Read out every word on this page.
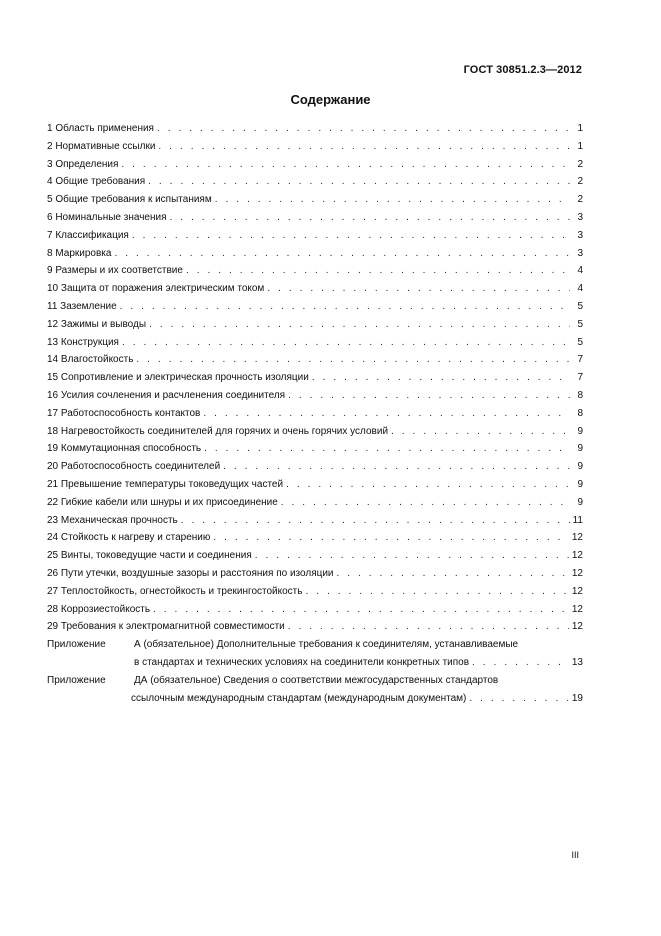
ГОСТ 30851.2.3—2012
Содержание
1 Область применения . . .	1
2 Нормативные ссылки . . .	1
3 Определения . . .	2
4 Общие требования . . .	2
5 Общие требования к испытаниям . . .	2
6 Номинальные значения . . .	3
7 Классификация . . .	3
8 Маркировка . . .	3
9 Размеры и их соответствие . . .	4
10 Защита от поражения электрическим током . . .	4
11 Заземление . . .	5
12 Зажимы и выводы . . .	5
13 Конструкция . . .	5
14 Влагостойкость . . .	7
15 Сопротивление и электрическая прочность изоляции . . .	7
16 Усилия сочленения и расчленения соединителя . . .	8
17 Работоспособность контактов . . .	8
18 Нагревостойкость соединителей для горячих и очень горячих условий . . .	9
19 Коммутационная способность . . .	9
20 Работоспособность соединителей . . .	9
21 Превышение температуры токоведущих частей . . .	9
22 Гибкие кабели или шнуры и их присоединение . . .	9
23 Механическая прочность . . .	11
24 Стойкость к нагреву и старению . . .	12
25 Винты, токоведущие части и соединения . . .	12
26 Пути утечки, воздушные зазоры и расстояния по изоляции . . .	12
27 Теплостойкость, огнестойкость и трекингостойкость . . .	12
28 Коррозиестойкость . . .	12
29 Требования к электромагнитной совместимости . . .	12
Приложение	А (обязательное) Дополнительные требования к соединителям, устанавливаемые
в стандартах и технических условиях на соединители конкретных типов . . .	13
Приложение	ДА (обязательное) Сведения о соответствии межгосударственных стандартов
ссылочным международным стандартам (международным документам) . . .	19
III
